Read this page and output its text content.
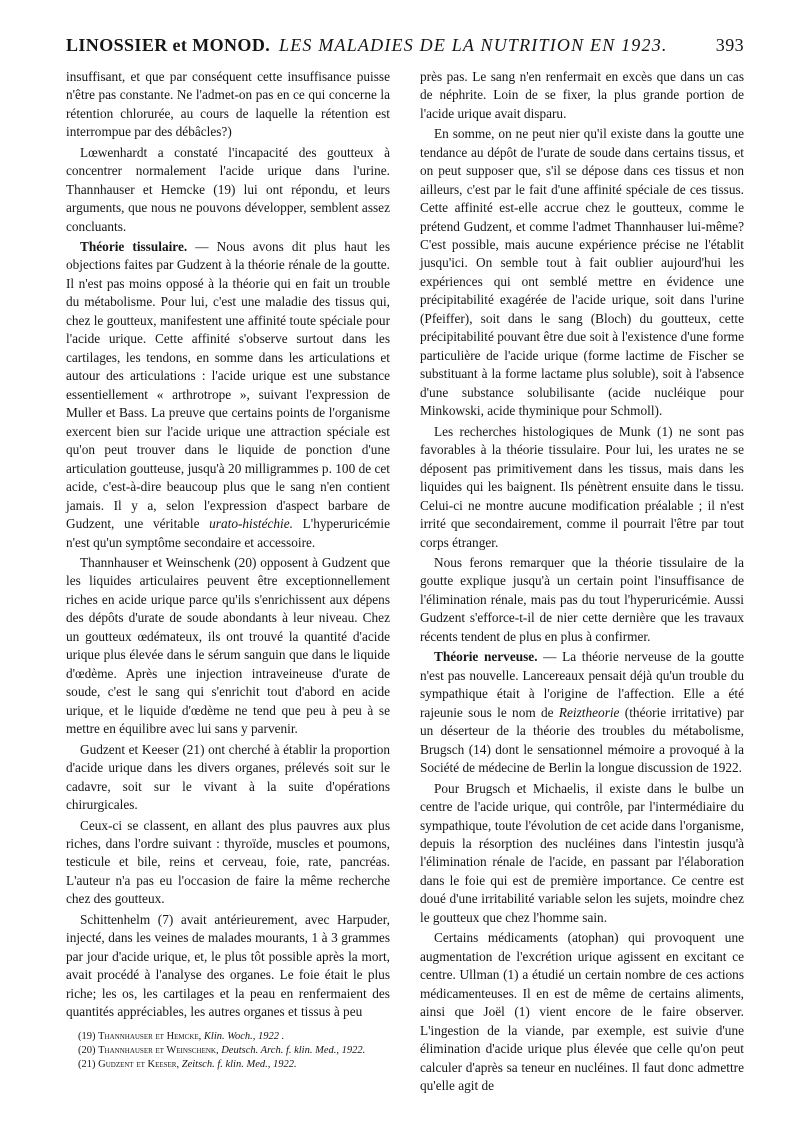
LINOSSIER et MONOD. LES MALADIES DE LA NUTRITION EN 1923.	393

insuffisant, et que par conséquent cette insuffisance puisse n'être pas constante. Ne l'admet-on pas en ce qui concerne la rétention chlorurée, au cours de laquelle la rétention est interrompue par des débâcles?)

Lœwenhardt a constaté l'incapacité des goutteux à concentrer normalement l'acide urique dans l'urine. Thannhauser et Hemcke (19) lui ont répondu, et leurs arguments, que nous ne pouvons développer, semblent assez concluants.

Théorie tissulaire. — Nous avons dit plus haut les objections faites par Gudzent à la théorie rénale de la goutte. Il n'est pas moins opposé à la théorie qui en fait un trouble du métabolisme. Pour lui, c'est une maladie des tissus qui, chez le goutteux, manifestent une affinité toute spéciale pour l'acide urique. Cette affinité s'observe surtout dans les cartilages, les tendons, en somme dans les articulations et autour des articulations : l'acide urique est une substance essentiellement « arthrotrope », suivant l'expression de Muller et Bass. La preuve que certains points de l'organisme exercent bien sur l'acide urique une attraction spéciale est qu'on peut trouver dans le liquide de ponction d'une articulation goutteuse, jusqu'à 20 milligrammes p. 100 de cet acide, c'est-à-dire beaucoup plus que le sang n'en contient jamais. Il y a, selon l'expression d'aspect barbare de Gudzent, une véritable urato-histéchie. L'hyperuricémie n'est qu'un symptôme secondaire et accessoire.

Thannhauser et Weinschenk (20) opposent à Gudzent que les liquides articulaires peuvent être exceptionnellement riches en acide urique parce qu'ils s'enrichissent aux dépens des dépôts d'urate de soude abondants à leur niveau. Chez un goutteux œdémateux, ils ont trouvé la quantité d'acide urique plus élevée dans le sérum sanguin que dans le liquide d'œdème. Après une injection intraveineuse d'urate de soude, c'est le sang qui s'enrichit tout d'abord en acide urique, et le liquide d'œdème ne tend que peu à peu à se mettre en équilibre avec lui sans y parvenir.

Gudzent et Keeser (21) ont cherché à établir la proportion d'acide urique dans les divers organes, prélevés soit sur le cadavre, soit sur le vivant à la suite d'opérations chirurgicales.

Ceux-ci se classent, en allant des plus pauvres aux plus riches, dans l'ordre suivant : thyroïde, muscles et poumons, testicule et bile, reins et cerveau, foie, rate, pancréas. L'auteur n'a pas eu l'occasion de faire la même recherche chez des goutteux.

Schittenhelm (7) avait antérieurement, avec Harpuder, injecté, dans les veines de malades mourants, 1 à 3 grammes par jour d'acide urique, et, le plus tôt possible après la mort, avait procédé à l'analyse des organes. Le foie était le plus riche; les os, les cartilages et la peau en renfermaient des quantités appréciables, les autres organes et tissus à peu

(19) Thannhauser et Hemcke, Klin. Woch., 1922 .
(20) Thannhauser et Weinschenk, Deutsch. Arch. f. klin. Med., 1922.
(21) Gudzent et Keeser, Zeitsch. f. klin. Med., 1922.

près pas. Le sang n'en renfermait en excès que dans un cas de néphrite. Loin de se fixer, la plus grande portion de l'acide urique avait disparu.

En somme, on ne peut nier qu'il existe dans la goutte une tendance au dépôt de l'urate de soude dans certains tissus, et on peut supposer que, s'il se dépose dans ces tissus et non ailleurs, c'est par le fait d'une affinité spéciale de ces tissus. Cette affinité est-elle accrue chez le goutteux, comme le prétend Gudzent, et comme l'admet Thannhauser lui-même? C'est possible, mais aucune expérience précise ne l'établit jusqu'ici. On semble tout à fait oublier aujourd'hui les expériences qui ont semblé mettre en évidence une précipitabilité exagérée de l'acide urique, soit dans l'urine (Pfeiffer), soit dans le sang (Bloch) du goutteux, cette précipitabilité pouvant être due soit à l'existence d'une forme particulière de l'acide urique (forme lactime de Fischer se substituant à la forme lactame plus soluble), soit à l'absence d'une substance solubilisante (acide nucléique pour Minkowski, acide thyminique pour Schmoll).

Les recherches histologiques de Munk (1) ne sont pas favorables à la théorie tissulaire. Pour lui, les urates ne se déposent pas primitivement dans les tissus, mais dans les liquides qui les baignent. Ils pénètrent ensuite dans le tissu. Celui-ci ne montre aucune modification préalable ; il n'est irrité que secondairement, comme il pourrait l'être par tout corps étranger.

Nous ferons remarquer que la théorie tissulaire de la goutte explique jusqu'à un certain point l'insuffisance de l'élimination rénale, mais pas du tout l'hyperuricémie. Aussi Gudzent s'efforce-t-il de nier cette dernière que les travaux récents tendent de plus en plus à confirmer.

Théorie nerveuse. — La théorie nerveuse de la goutte n'est pas nouvelle. Lancereaux pensait déjà qu'un trouble du sympathique était à l'origine de l'affection. Elle a été rajeunie sous le nom de Reiztheorie (théorie irritative) par un déserteur de la théorie des troubles du métabolisme, Brugsch (14) dont le sensationnel mémoire a provoqué à la Société de médecine de Berlin la longue discussion de 1922.

Pour Brugsch et Michaelis, il existe dans le bulbe un centre de l'acide urique, qui contrôle, par l'intermédiaire du sympathique, toute l'évolution de cet acide dans l'organisme, depuis la résorption des nucléines dans l'intestin jusqu'à l'élimination rénale de l'acide, en passant par l'élaboration dans le foie qui est de première importance. Ce centre est doué d'une irritabilité variable selon les sujets, moindre chez le goutteux que chez l'homme sain.

Certains médicaments (atophan) qui provoquent une augmentation de l'excrétion urique agissent en excitant ce centre. Ullman (1) a étudié un certain nombre de ces actions médicamenteuses. Il en est de même de certains aliments, ainsi que Joël (1) vient encore de le faire observer. L'ingestion de la viande, par exemple, est suivie d'une élimination d'acide urique plus élevée que celle qu'on peut calculer d'après sa teneur en nucléines. Il faut donc admettre qu'elle agit de
